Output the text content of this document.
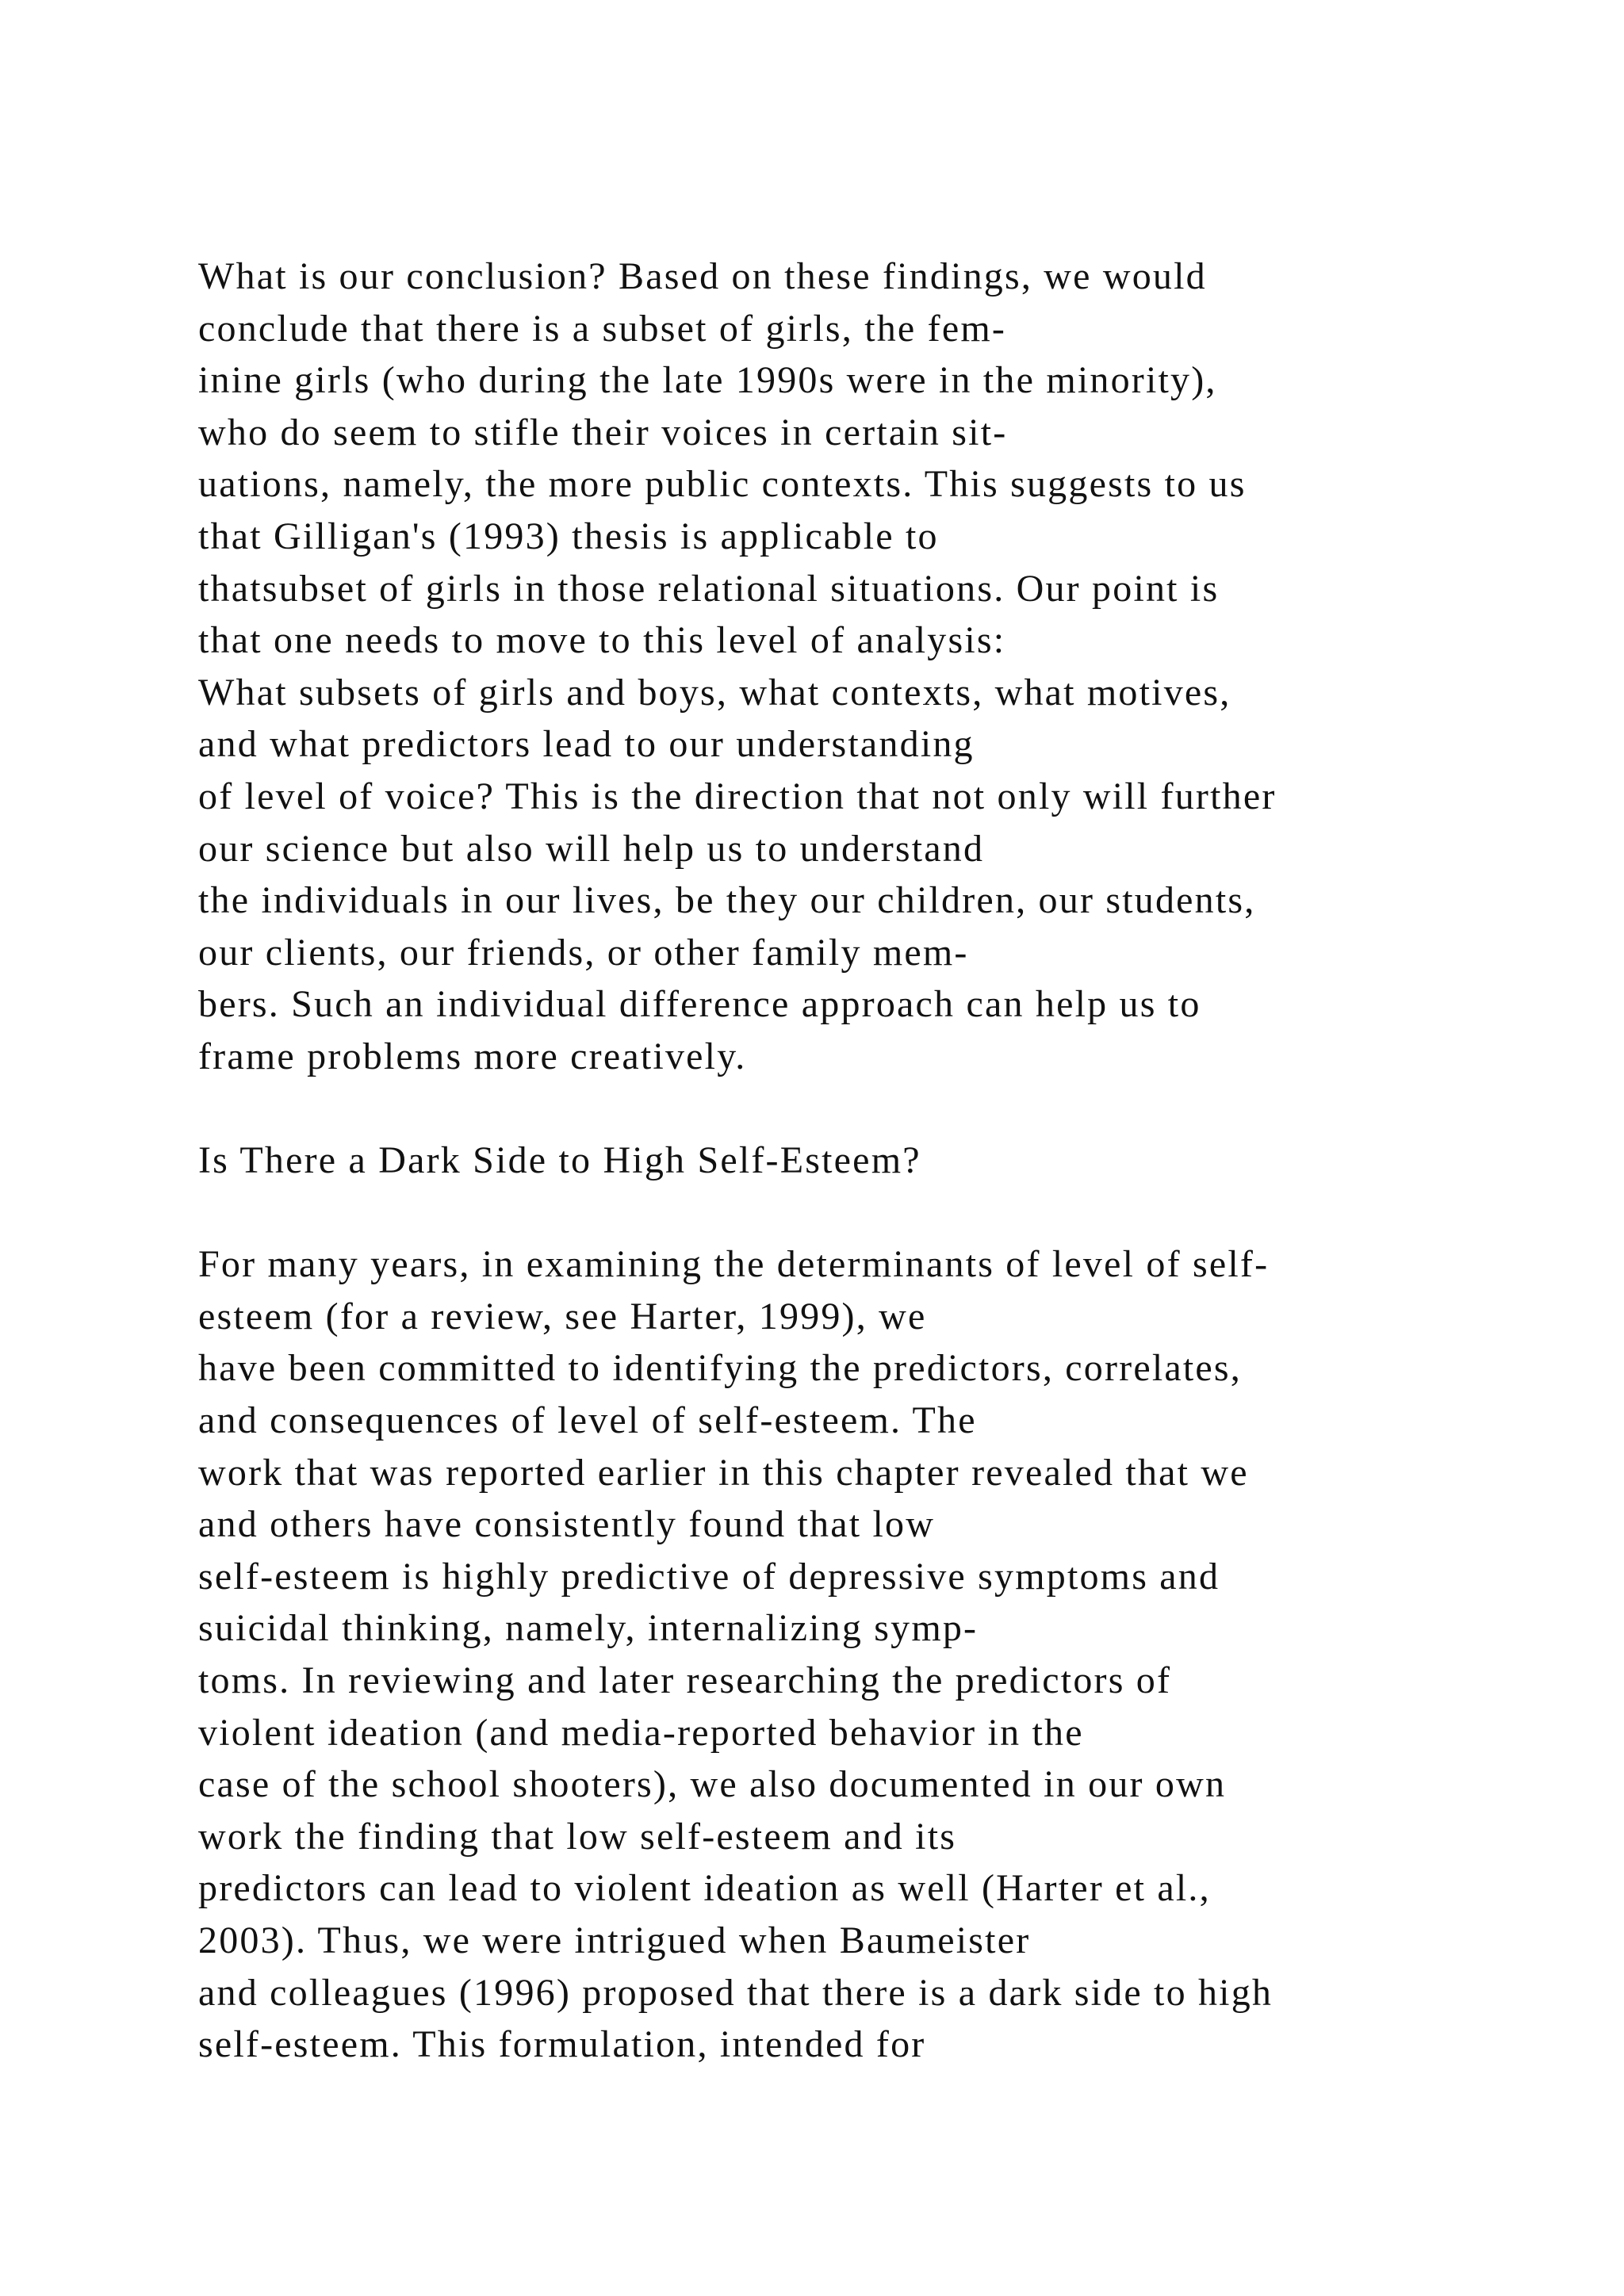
What is our conclusion? Based on these findings, we would
conclude that there is a subset of girls, the fem-
inine girls (who during the late 1990s were in the minority),
who do seem to stifle their voices in certain sit-
uations, namely, the more public contexts. This suggests to us
that Gilligan's (1993) thesis is applicable to
thatsubset of girls in those relational situations. Our point is
that one needs to move to this level of analysis:
What subsets of girls and boys, what contexts, what motives,
and what predictors lead to our understanding
of level of voice? This is the direction that not only will further
our science but also will help us to understand
the individuals in our lives, be they our children, our students,
our clients, our friends, or other family mem-
bers. Such an individual difference approach can help us to
frame problems more creatively.
Is There a Dark Side to High Self-Esteem?
For many years, in examining the determinants of level of self-
esteem (for a review, see Harter, 1999), we
have been committed to identifying the predictors, correlates,
and consequences of level of self-esteem. The
work that was reported earlier in this chapter revealed that we
and others have consistently found that low
self-esteem is highly predictive of depressive symptoms and
suicidal thinking, namely, internalizing symp-
toms. In reviewing and later researching the predictors of
violent ideation (and media-reported behavior in the
case of the school shooters), we also documented in our own
work the finding that low self-esteem and its
predictors can lead to violent ideation as well (Harter et al.,
2003). Thus, we were intrigued when Baumeister
and colleagues (1996) proposed that there is a dark side to high
self-esteem. This formulation, intended for
